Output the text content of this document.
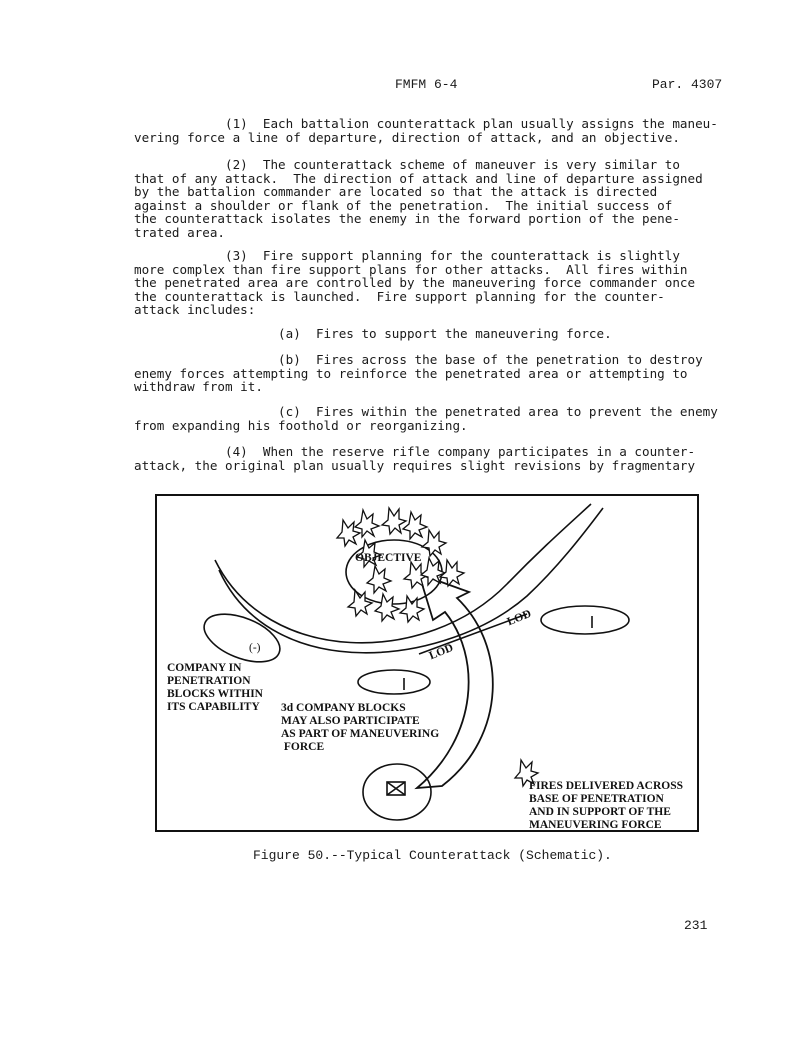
FMFM 6-4	Par. 4307
(1)  Each battalion counterattack plan usually assigns the maneu-
vering force a line of departure, direction of attack, and an objective.
(2)  The counterattack scheme of maneuver is very similar to
that of any attack.  The direction of attack and line of departure assigned
by the battalion commander are located so that the attack is directed
against a shoulder or flank of the penetration.  The initial success of
the counterattack isolates the enemy in the forward portion of the pene-
trated area.
(3)  Fire support planning for the counterattack is slightly
more complex than fire support plans for other attacks.  All fires within
the penetrated area are controlled by the maneuvering force commander once
the counterattack is launched.  Fire support planning for the counter-
attack includes:
(a)  Fires to support the maneuvering force.
(b)  Fires across the base of the penetration to destroy
enemy forces attempting to reinforce the penetrated area or attempting to
withdraw from it.
(c)  Fires within the penetrated area to prevent the enemy
from expanding his foothold or reorganizing.
(4)  When the reserve rifle company participates in a counter-
attack, the original plan usually requires slight revisions by fragmentary
OBJECTIVE
LOD
LOD
(-)
COMPANY IN
PENETRATION
BLOCKS WITHIN
ITS CAPABILITY 3d COMPANY BLOCKS
MAY ALSO PARTICIPATE
AS PART OF MANEUVERING
FORCE
FIRES DELIVERED ACROSS
BASE OF PENETRATION
AND IN SUPPORT OF THE
MANEUVERING FORCE
Figure 50.--Typical Counterattack (Schematic).
231
